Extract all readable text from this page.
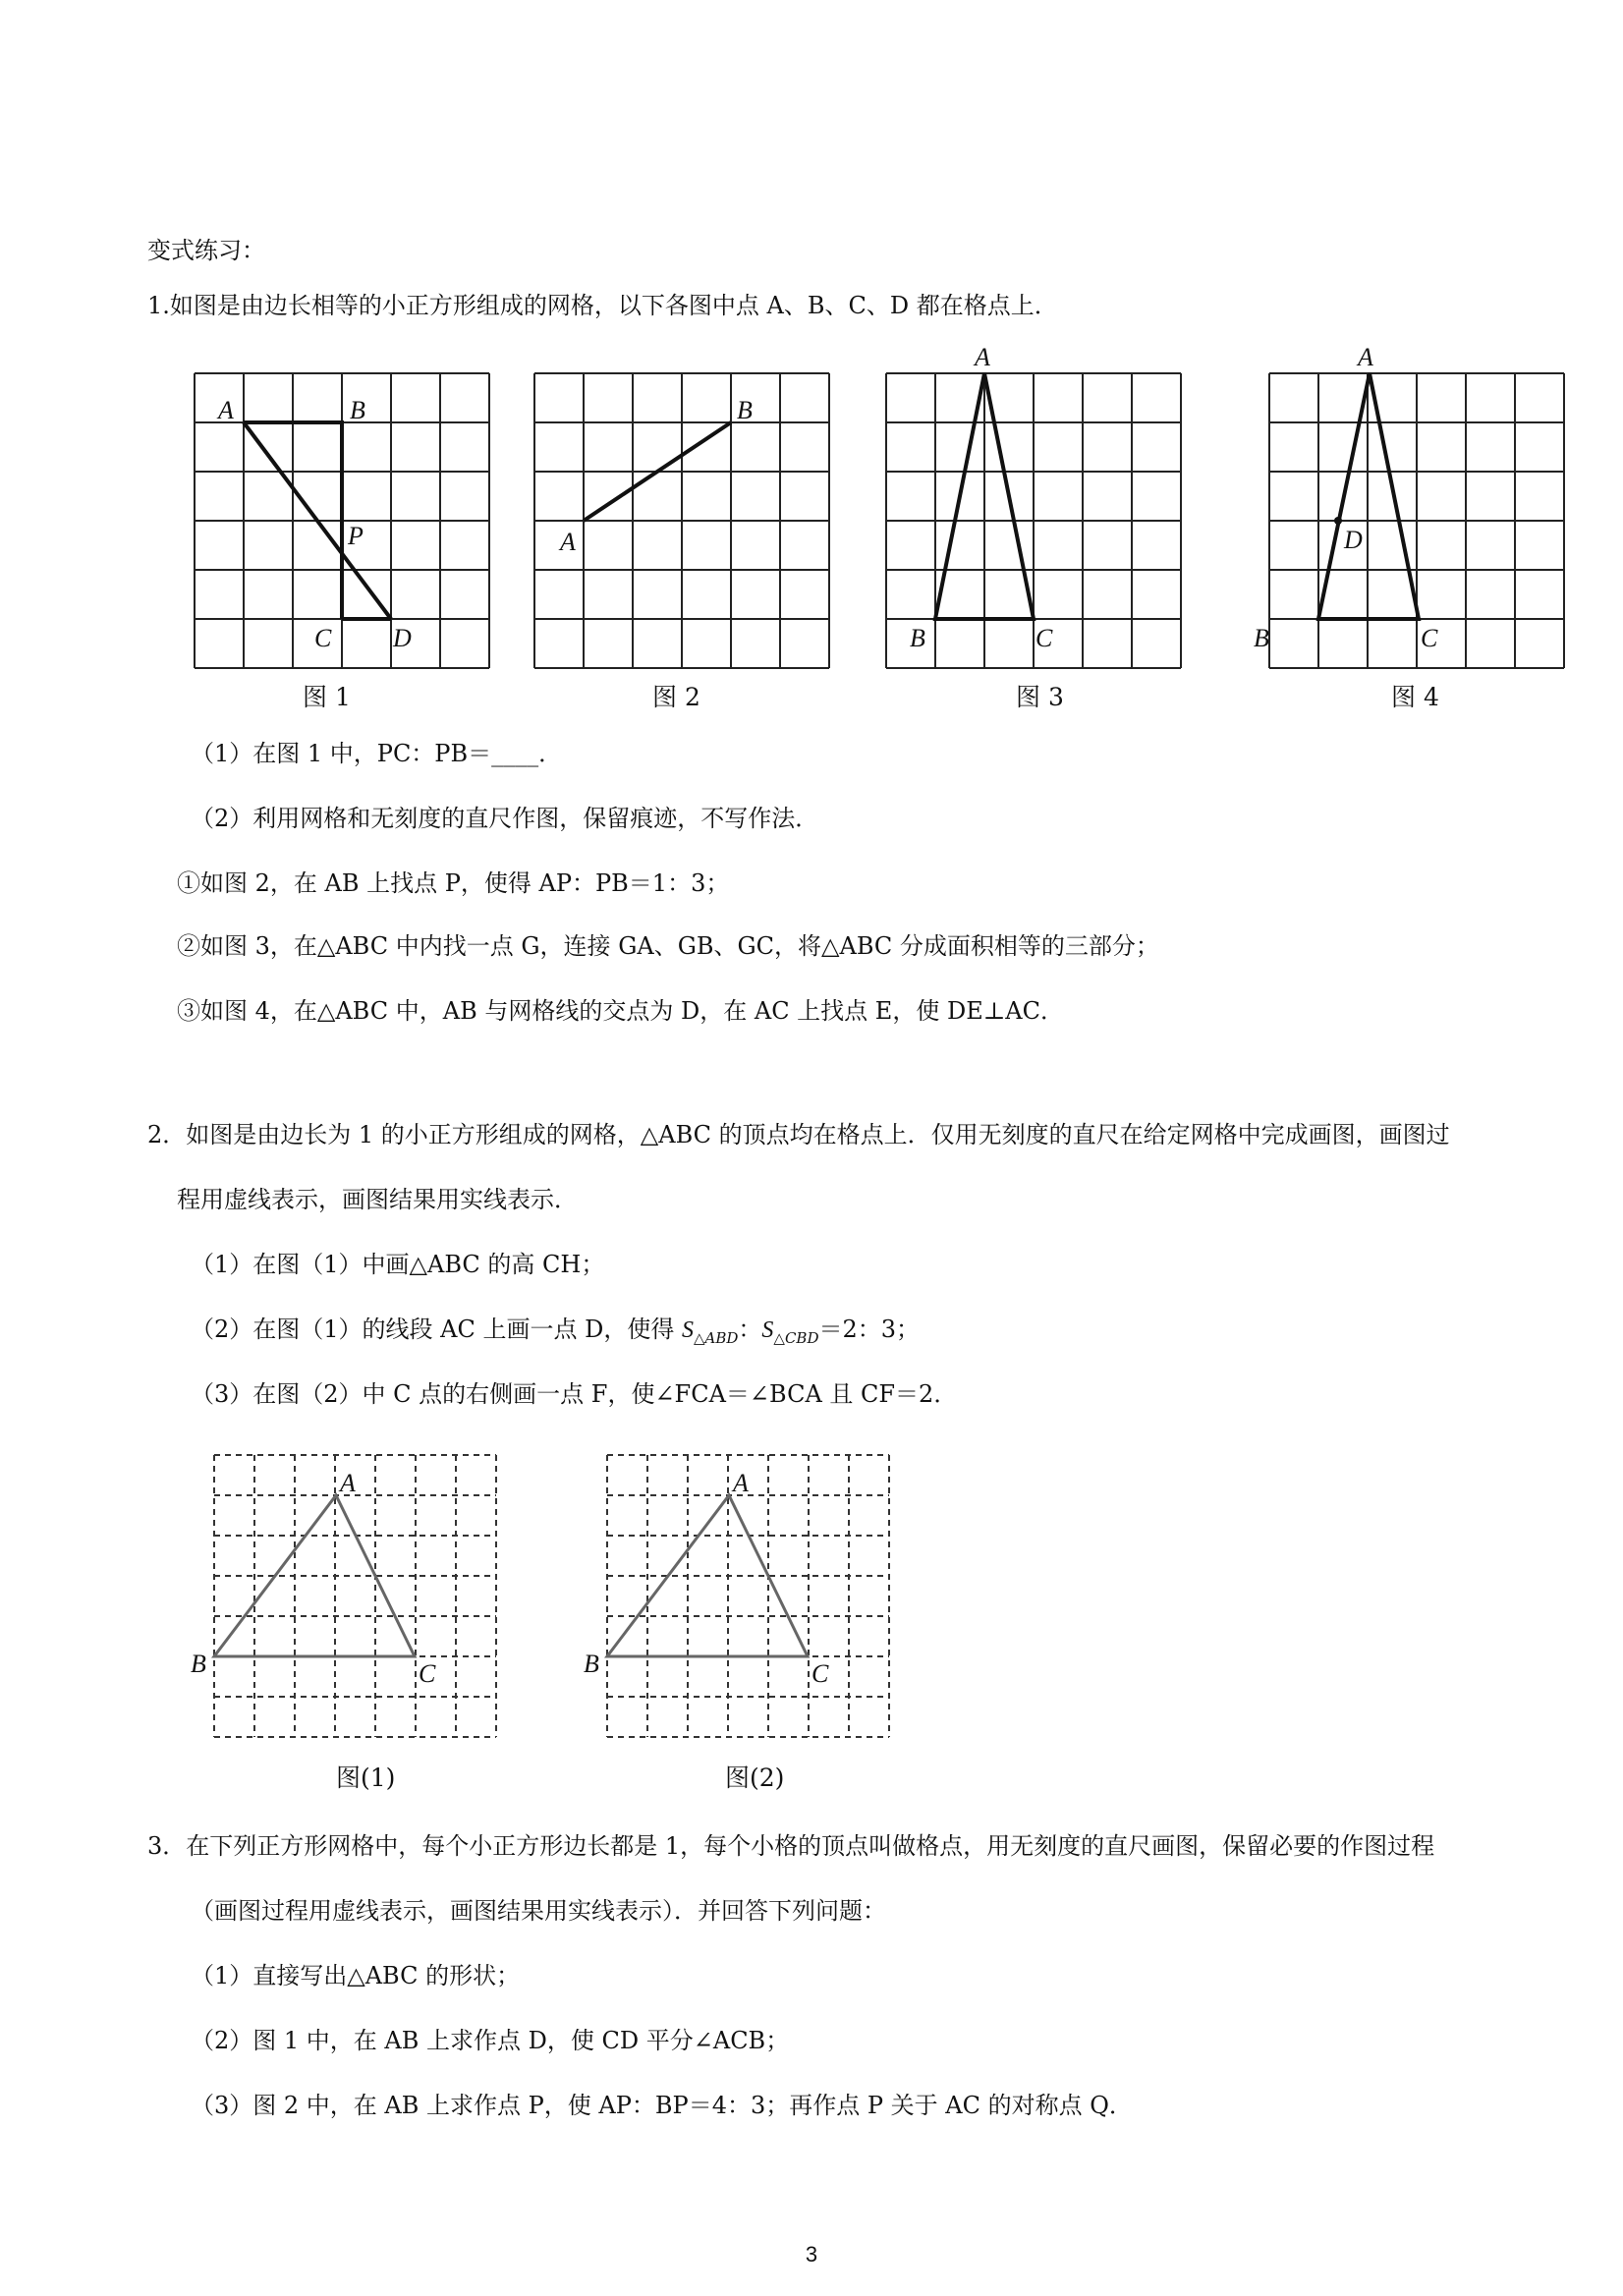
变式练习：
1.如图是由边长相等的小正方形组成的网格，以下各图中点 A、B、C、D 都在格点上．
A	B
P
C D
图 1
A
B
图 2
A
B	C
图 3
A
D
B	C
图 4
（1）在图 1 中，PC：PB＝____．
（2）利用网格和无刻度的直尺作图，保留痕迹，不写作法．
①如图 2，在 AB 上找点 P，使得 AP：PB＝1：3；
②如图 3，在△ABC 中内找一点 G，连接 GA、GB、GC，将△ABC 分成面积相等的三部分；
③如图 4，在△ABC 中，AB 与网格线的交点为 D，在 AC 上找点 E，使 DE⊥AC．
2．如图是由边长为 1 的小正方形组成的网格，△ABC 的顶点均在格点上．仅用无刻度的直尺在给定网格中完成画图，画图过
程用虚线表示，画图结果用实线表示．
（1）在图（1）中画△ABC 的高 CH；
（2）在图（1）的线段 AC 上画一点 D，使得 $S_{\triangle ABD}$：$S_{\triangle CBD}=2$：3；
（3）在图（2）中 C 点的右侧画一点 F，使∠FCA＝∠BCA 且 CF＝2．
A
B	C
图(1)
A
B	C
图(2)
3．在下列正方形网格中，每个小正方形边长都是 1，每个小格的顶点叫做格点，用无刻度的直尺画图，保留必要的作图过程
（画图过程用虚线表示，画图结果用实线表示）．并回答下列问题：
（1）直接写出△ABC 的形状；
（2）图 1 中，在 AB 上求作点 D，使 CD 平分∠ACB；
（3）图 2 中，在 AB 上求作点 P，使 AP：BP＝4：3；再作点 P 关于 AC 的对称点 Q．
3
